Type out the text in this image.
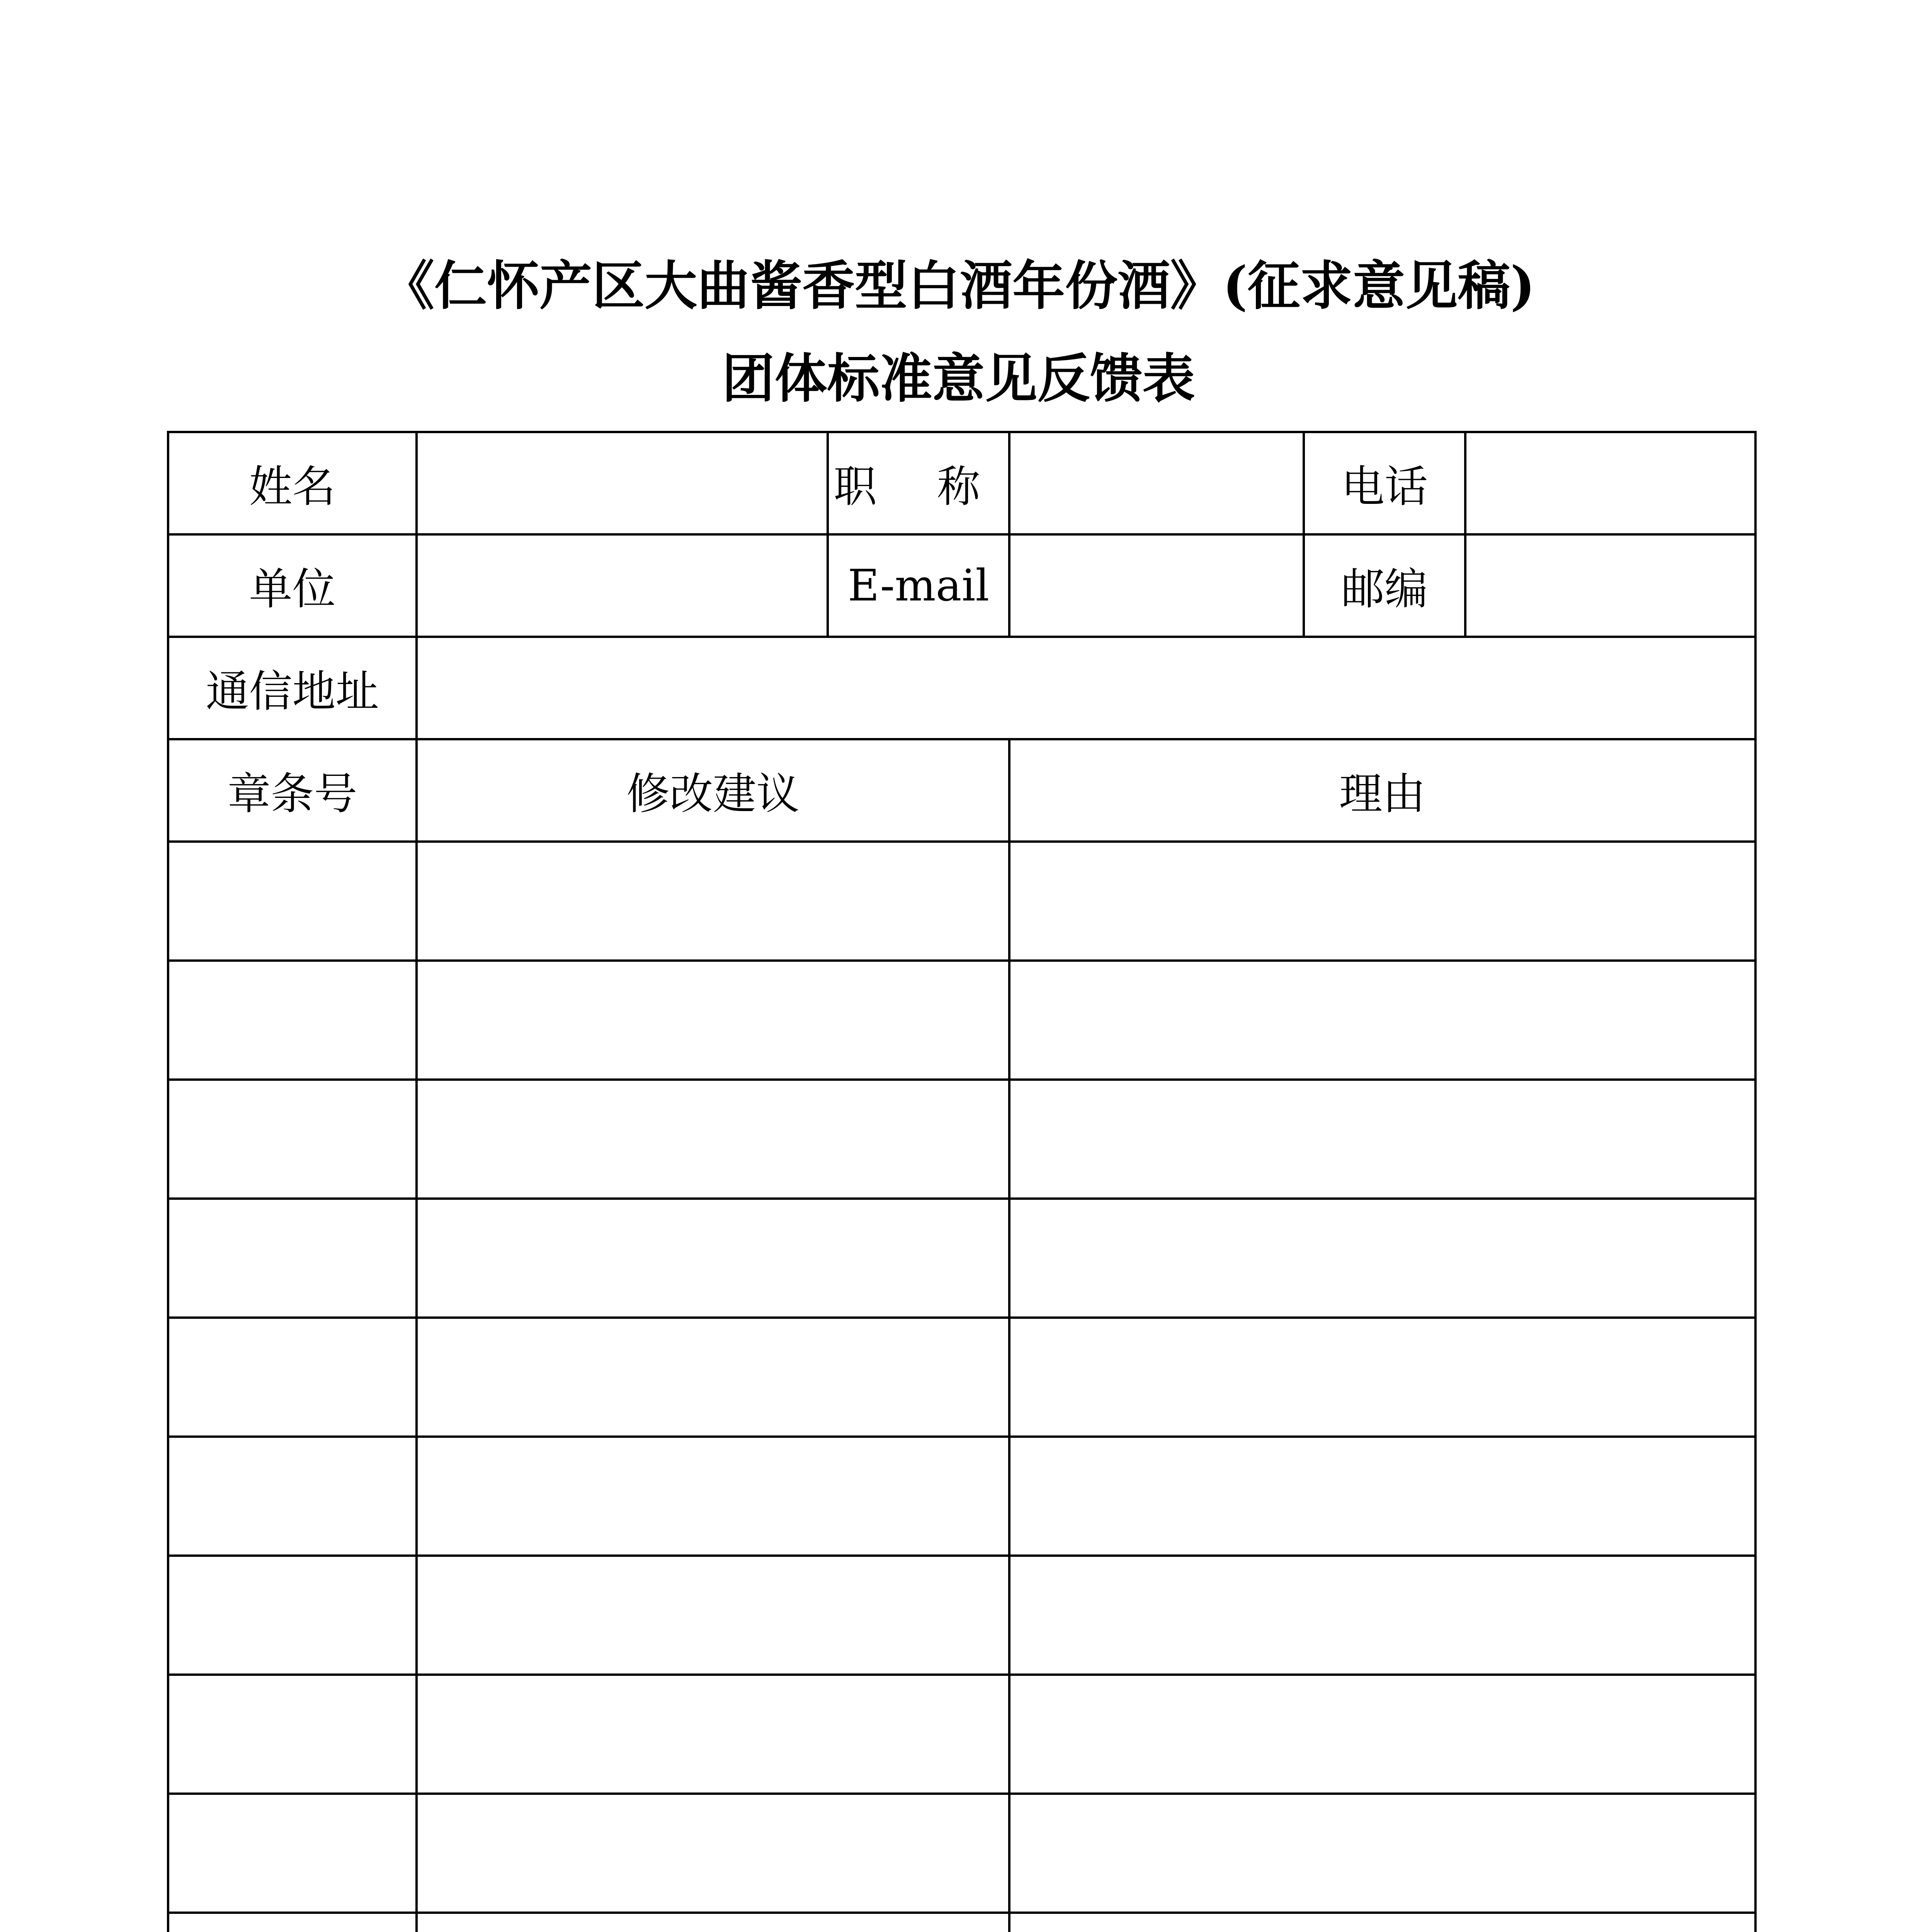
《仁怀产区大曲酱香型白酒年份酒》(征求意见稿)
团体标准意见反馈表
姓名		职 称		电话	
单位		E-mail		邮编	
通信地址					
章条号	修改建议		理由		
